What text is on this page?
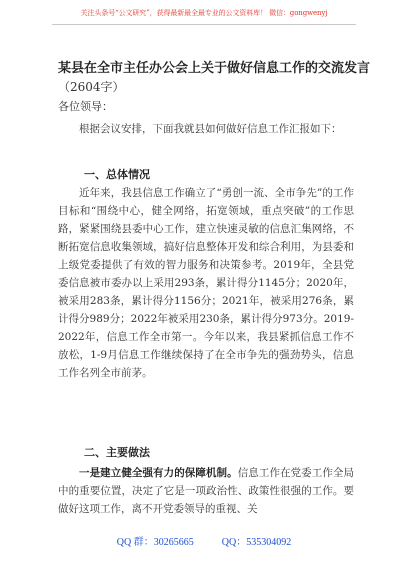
关注头条号“公文研究”，获得最新最全最专业的公文资料库！ 微信：gongwenyj
某县在全市主任办公会上关于做好信息工作的交流发言
（2604字）
各位领导：
根据会议安排，下面我就县如何做好信息工作汇报如下：
一、总体情况
近年来，我县信息工作确立了“勇创一流、全市争先”的工作目标和“围绕中心，健全网络，拓宽领域，重点突破”的工作思路，紧紧围绕县委中心工作，建立快速灵敏的信息汇集网络，不断拓宽信息收集领域，搞好信息整体开发和综合利用，为县委和上级党委提供了有效的智力服务和决策参考。2019年，全县党委信息被市委办以上采用293条，累计得分1145分；2020年，被采用283条，累计得分1156分；2021年，被采用276条，累计得分989分；2022年被采用230条，累计得分973分。2019-2022年，信息工作全市第一。今年以来，我县紧抓信息工作不放松，1-9月信息工作继续保持了在全市争先的强劲势头，信息工作名列全市前茅。
二、主要做法
一是建立健全强有力的保障机制。信息工作在党委工作全局中的重要位置，决定了它是一项政治性、政策性很强的工作。要做好这项工作，离不开党委领导的重视、关
QQ 群：30265665	QQ：535304092
